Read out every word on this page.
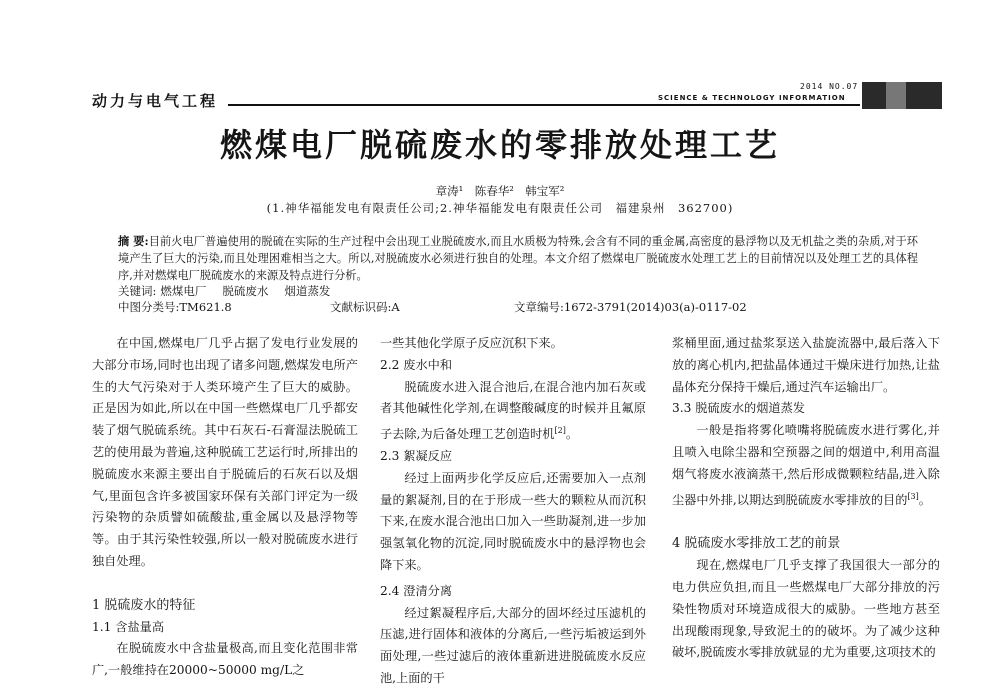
动力与电气工程
2014 NO.07
SCIENCE & TECHNOLOGY INFORMATION
燃煤电厂脱硫废水的零排放处理工艺
章涛¹　陈春华²　韩宝军²
(1.神华福能发电有限责任公司;2.神华福能发电有限责任公司　福建泉州　362700)
摘 要:目前火电厂普遍使用的脱硫在实际的生产过程中会出现工业脱硫废水,而且水质极为特殊,会含有不同的重金属,高密度的悬浮物以及无机盐之类的杂质,对于环境产生了巨大的污染,而且处理困难相当之大。所以,对脱硫废水必须进行独自的处理。本文介绍了燃煤电厂脱硫废水处理工艺上的目前情况以及处理工艺的具体程序,并对燃煤电厂脱硫废水的来源及特点进行分析。
关键词: 燃煤电厂 脱硫废水 烟道蒸发
中图分类号:TM621.8	文献标识码:A	文章编号:1672-3791(2014)03(a)-0117-02

在中国,燃煤电厂几乎占据了发电行业发展的大部分市场,同时也出现了诸多问题,燃煤发电所产生的大气污染对于人类环境产生了巨大的威胁。正是因为如此,所以在中国一些燃煤电厂几乎都安装了烟气脱硫系统。其中石灰石-石膏湿法脱硫工艺的使用最为普遍,这种脱硫工艺运行时,所排出的脱硫废水来源主要出自于脱硫后的石灰石以及烟气,里面包含许多被国家环保有关部门评定为一级污染物的杂质譬如硫酸盐,重金属以及悬浮物等等。由于其污染性较强,所以一般对脱硫废水进行独自处理。

1 脱硫废水的特征
1.1 含盐量高

在脱硫废水中含盐量极高,而且变化范围非常广,一般维持在20000~50000 mg/L之

一些其他化学原子反应沉积下来。
2.2 废水中和

脱硫废水进入混合池后,在混合池内加石灰或者其他碱性化学剂,在调整酸碱度的时候并且氟原子去除,为后备处理工艺创造时机[2]。

2.3 絮凝反应

经过上面两步化学反应后,还需要加入一点剂量的絮凝剂,目的在于形成一些大的颗粒从而沉积下来,在废水混合池出口加入一些助凝剂,进一步加强氢氧化物的沉淀,同时脱硫废水中的悬浮物也会降下来。

2.4 澄清分离

经过絮凝程序后,大部分的固坏经过压滤机的压滤,进行固体和液体的分离后,一些污垢被运到外面处理,一些过滤后的液体重新进进脱硫废水反应池,上面的干

浆桶里面,通过盐浆泵送入盐旋流器中,最后落入下放的离心机内,把盐晶体通过干燥床进行加热,让盐晶体充分保持干燥后,通过汽车运输出厂。
3.3 脱硫废水的烟道蒸发

一般是指将雾化喷嘴将脱硫废水进行雾化,并且喷入电除尘器和空预器之间的烟道中,利用高温烟气将废水液滴蒸干,然后形成微颗粒结晶,进入除尘器中外排,以期达到脱硫废水零排放的目的[3]。

4 脱硫废水零排放工艺的前景

现在,燃煤电厂几乎支撑了我国很大一部分的电力供应负担,而且一些燃煤电厂大部分排放的污染性物质对环境造成很大的威胁。一些地方甚至出现酸雨现象,导致泥土的的破坏。为了减少这种破坏,脱硫废水零排放就显的尤为重要,这项技术的
